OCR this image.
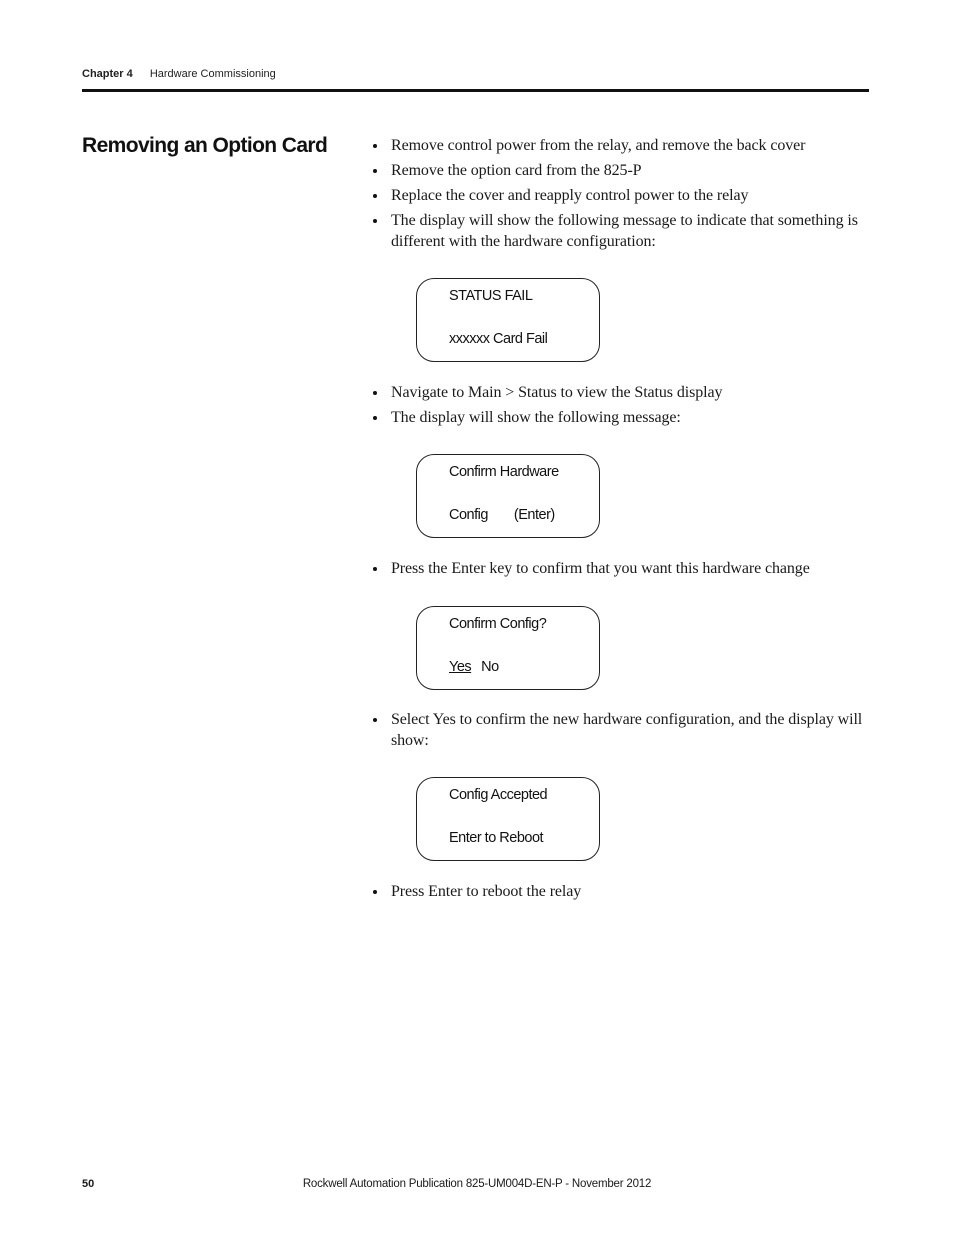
Chapter 4 Hardware Commissioning
Removing an Option Card	Remove control power from the relay, and remove the back cover
Remove the option card from the 825-P
Replace the cover and reapply control power to the relay
The display will show the following message to indicate that something is different with the hardware configuration:
STATUS FAIL
xxxxxx Card Fail
Navigate to Main > Status to view the Status display
The display will show the following message:
Confirm Hardware
Config (Enter)
Press the Enter key to confirm that you want this hardware change
Confirm Config?
Yes No
Select Yes to confirm the new hardware configuration, and the display will show:
Config Accepted
Enter to Reboot
Press Enter to reboot the relay
50	Rockwell Automation Publication 825-UM004D-EN-P - November 2012
